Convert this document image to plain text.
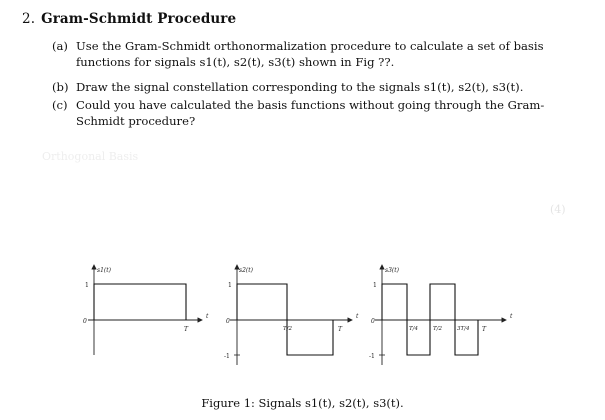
2. Gram-Schmidt Procedure
(a) Use the Gram-Schmidt orthonormalization procedure to calculate a set of basis functions for signals s1(t), s2(t), s3(t) shown in Fig ??.
(b) Draw the signal constellation corresponding to the signals s1(t), s2(t), s3(t).
(c) Could you have calculated the basis functions without going through the Gram-Schmidt procedure?
Orthogonal Basis
(4)
s1(t)
t
1
0
T
s2(t)
t
1
0
-1
T/2	T
s3(t)
t
1
0
-1
T/4	T/2	3T/4 T
Figure 1: Signals s1(t), s2(t), s3(t).
